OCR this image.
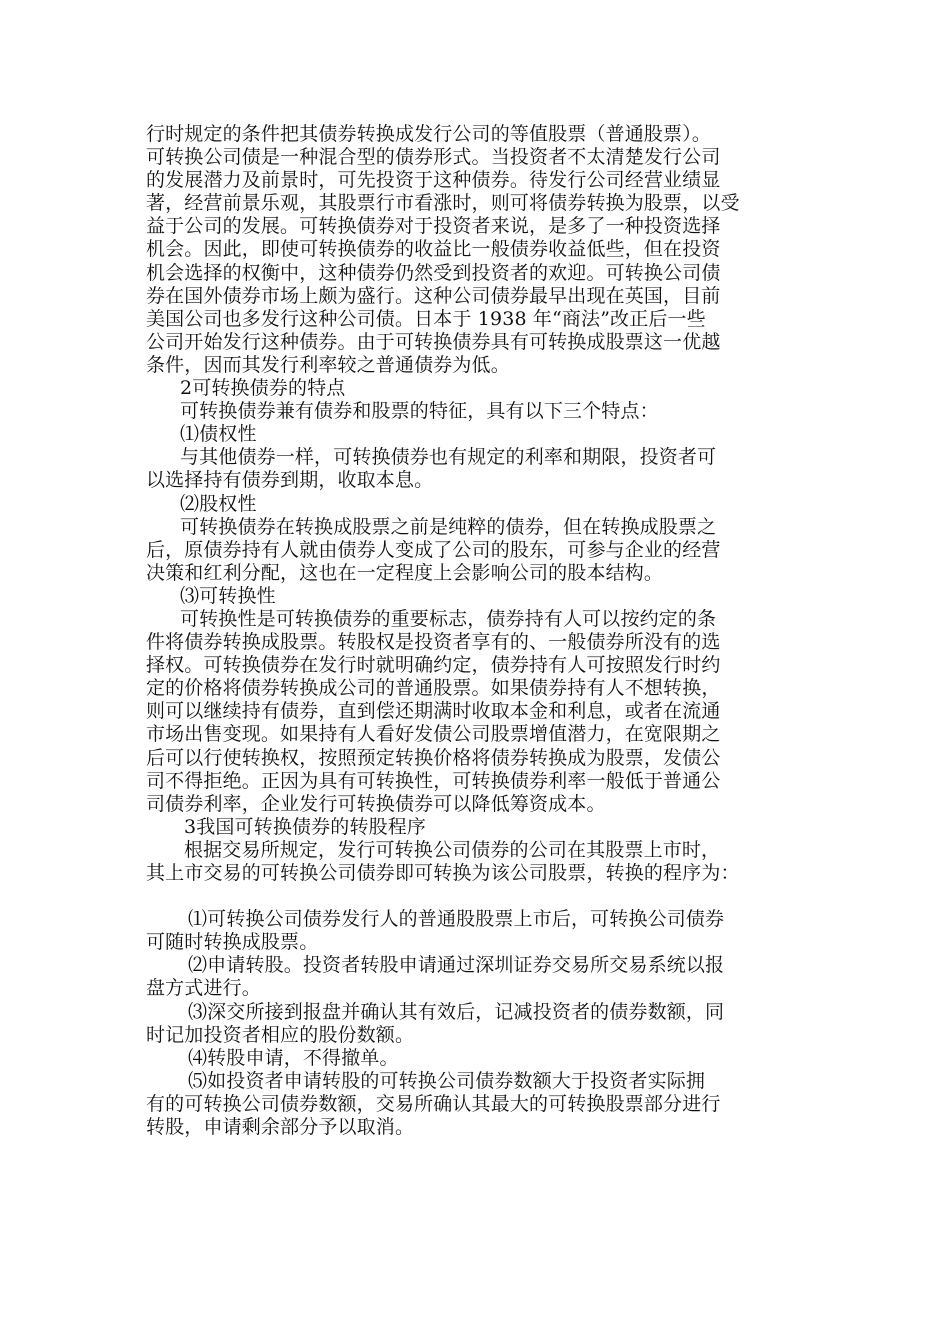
行时规定的条件把其债券转换成发行公司的等值股票（普通股票）。
可转换公司债是一种混合型的债券形式。当投资者不太清楚发行公司
的发展潜力及前景时，可先投资于这种债券。待发行公司经营业绩显
著，经营前景乐观，其股票行市看涨时，则可将债券转换为股票，以受
益于公司的发展。可转换债券对于投资者来说，是多了一种投资选择
机会。因此，即使可转换债券的收益比一般债券收益低些，但在投资
机会选择的权衡中，这种债券仍然受到投资者的欢迎。可转换公司债
券在国外债券市场上颇为盛行。这种公司债券最早出现在英国，目前
美国公司也多发行这种公司债。日本于 1938 年“商法”改正后一些
公司开始发行这种债券。由于可转换债券具有可转换成股票这一优越
条件，因而其发行利率较之普通债券为低。
2可转换债券的特点
可转换债券兼有债券和股票的特征，具有以下三个特点：
⑴债权性
与其他债券一样，可转换债券也有规定的利率和期限，投资者可
以选择持有债券到期，收取本息。
⑵股权性
可转换债券在转换成股票之前是纯粹的债券，但在转换成股票之
后，原债券持有人就由债券人变成了公司的股东，可参与企业的经营
决策和红利分配，这也在一定程度上会影响公司的股本结构。
⑶可转换性
可转换性是可转换债券的重要标志，债券持有人可以按约定的条
件将债券转换成股票。转股权是投资者享有的、一般债券所没有的选
择权。可转换债券在发行时就明确约定，债券持有人可按照发行时约
定的价格将债券转换成公司的普通股票。如果债券持有人不想转换，
则可以继续持有债券，直到偿还期满时收取本金和利息，或者在流通
市场出售变现。如果持有人看好发债公司股票增值潜力，在宽限期之
后可以行使转换权，按照预定转换价格将债券转换成为股票，发债公
司不得拒绝。正因为具有可转换性，可转换债券利率一般低于普通公
司债券利率，企业发行可转换债券可以降低筹资成本。
3我国可转换债券的转股程序
根据交易所规定，发行可转换公司债券的公司在其股票上市时，
其上市交易的可转换公司债券即可转换为该公司股票，转换的程序为：
⑴可转换公司债券发行人的普通股股票上市后，可转换公司债券
可随时转换成股票。
⑵申请转股。投资者转股申请通过深圳证券交易所交易系统以报
盘方式进行。
⑶深交所接到报盘并确认其有效后，记减投资者的债券数额，同
时记加投资者相应的股份数额。
⑷转股申请，不得撤单。
⑸如投资者申请转股的可转换公司债券数额大于投资者实际拥
有的可转换公司债券数额，交易所确认其最大的可转换股票部分进行
转股，申请剩余部分予以取消。
